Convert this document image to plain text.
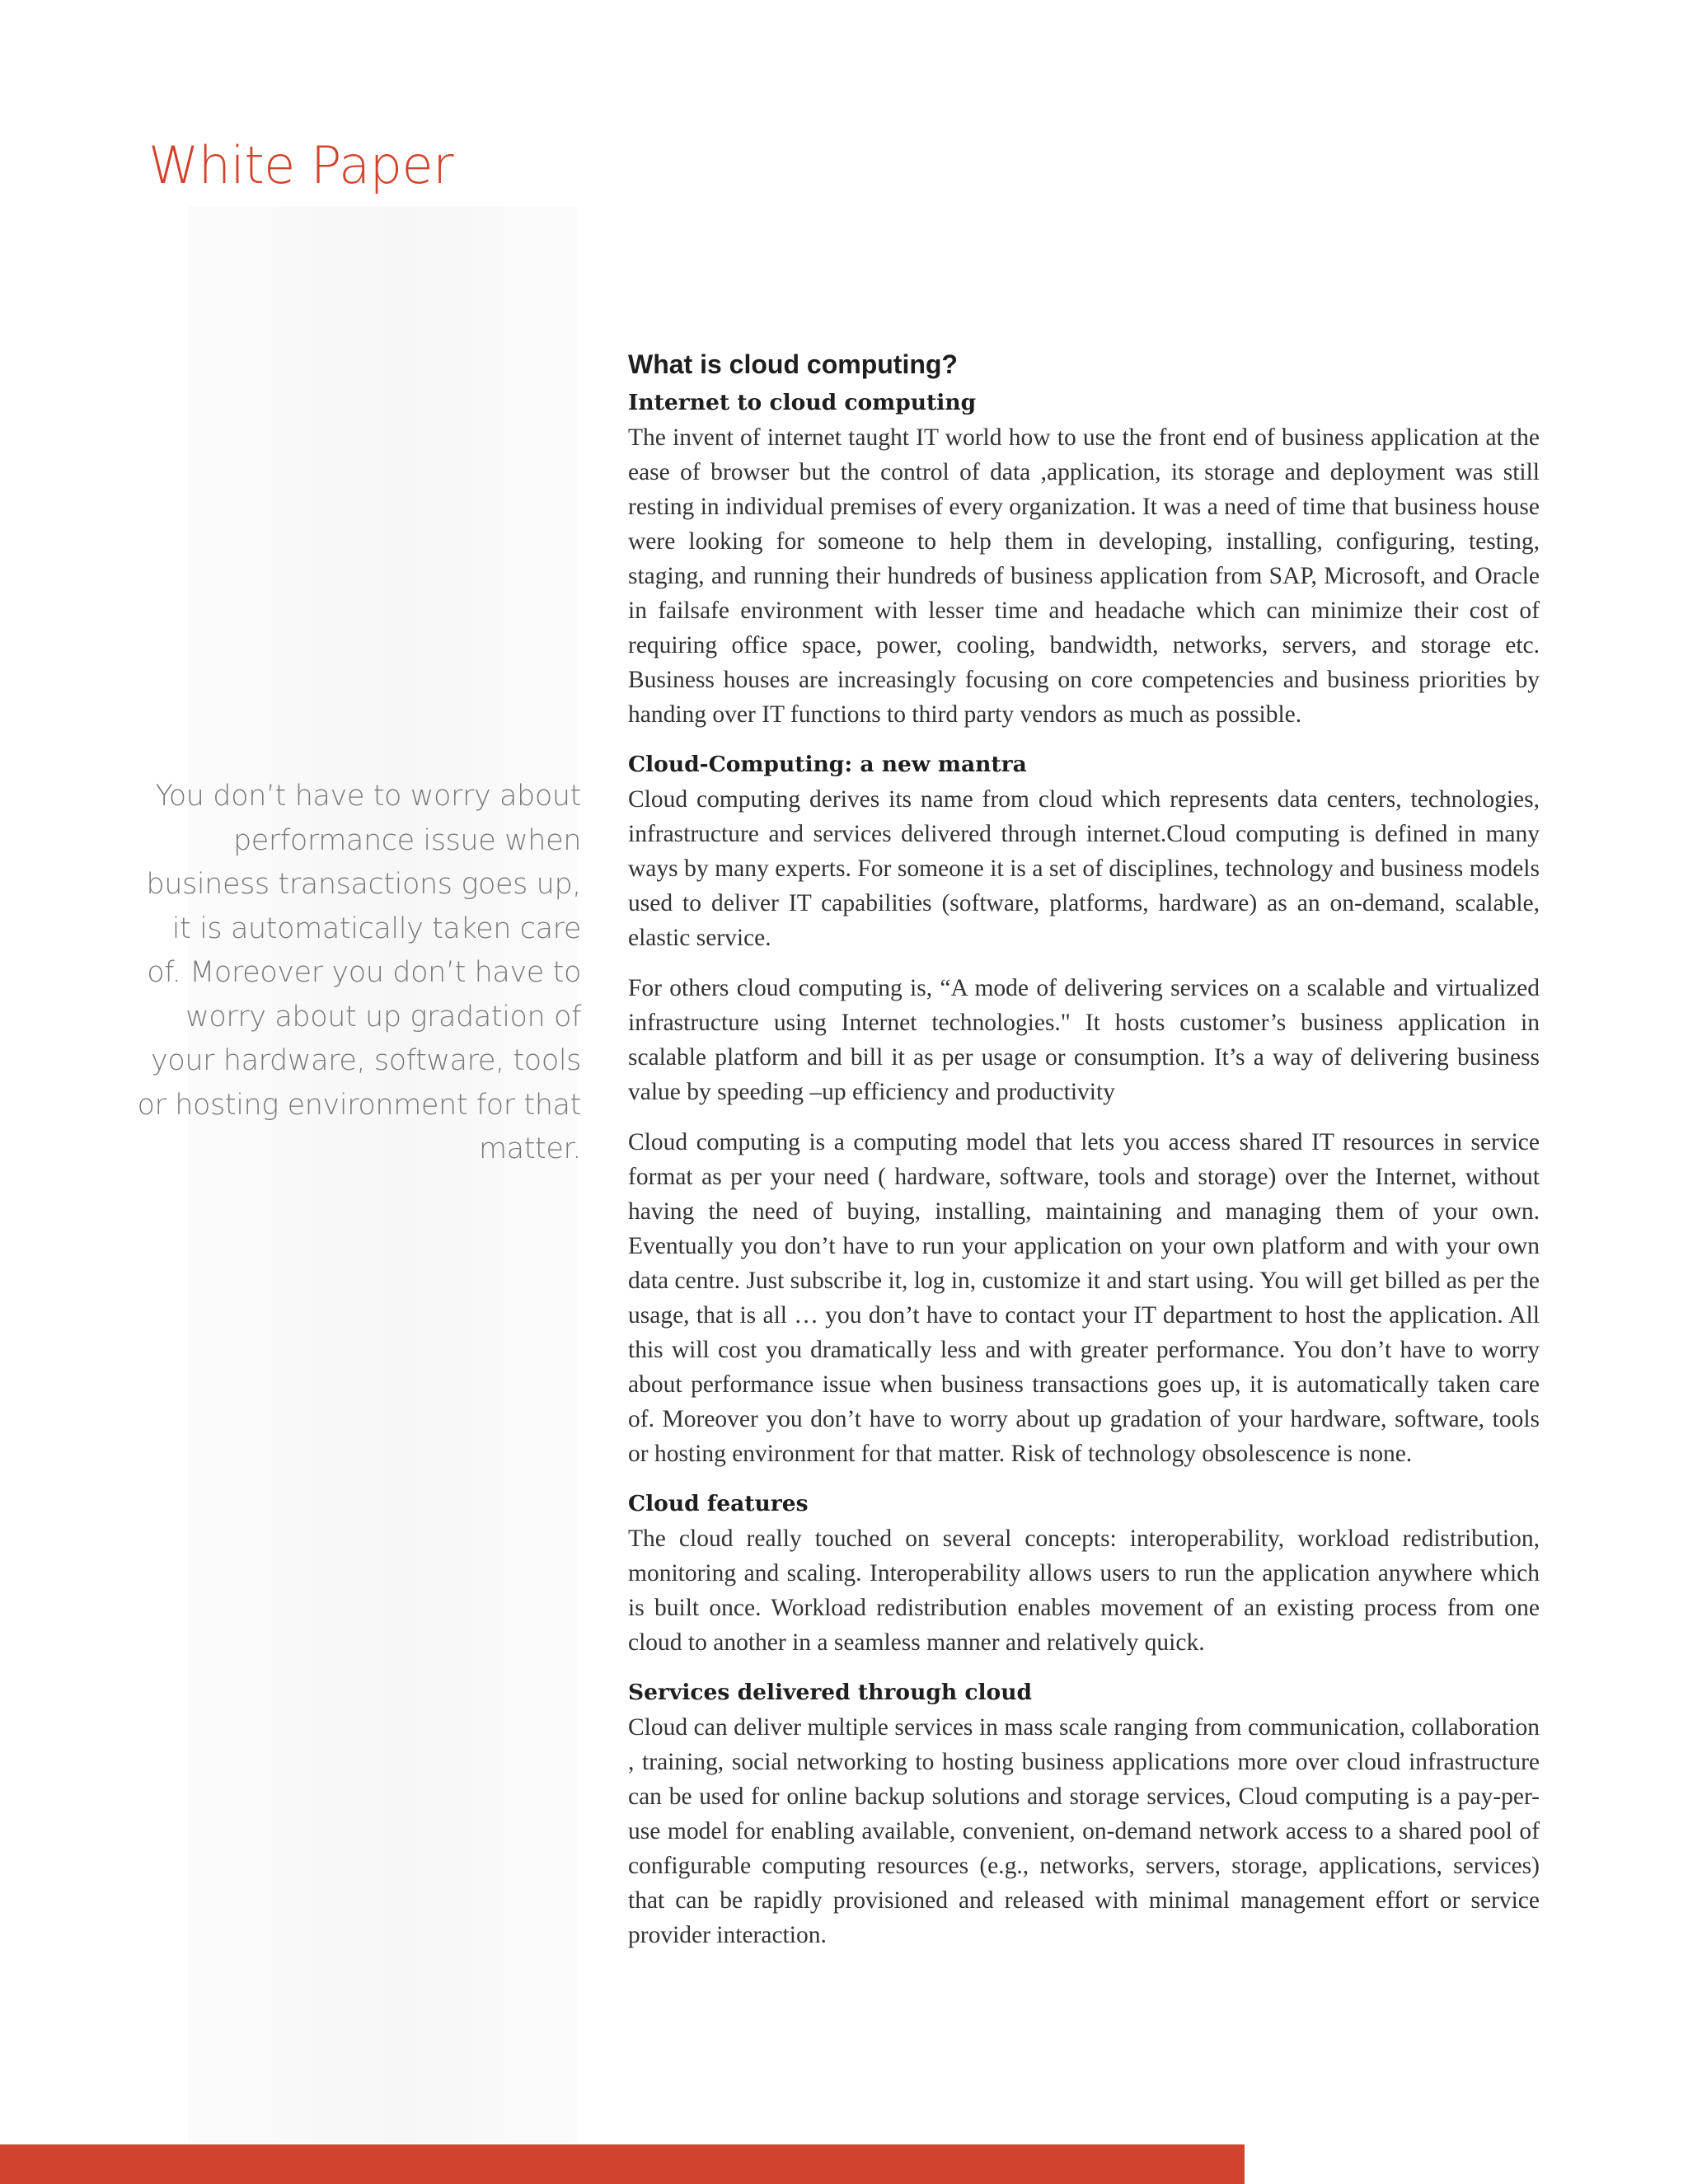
White Paper

You don’t have to worry about performance issue when business transactions goes up, it is automatically taken care of. Moreover you don’t have to worry about up gradation of your hardware, software, tools or hosting environment for that matter.

What is cloud computing?
Internet to cloud computing

The invent of internet taught IT world how to use the front end of business application at the ease of browser but the control of data ,application, its storage and deployment was still resting in individual premises of every organization. It was a need of time that business house were looking for someone to help them in developing, installing, configuring, testing, staging, and running their hundreds of business application from SAP, Microsoft, and Oracle in failsafe environment with lesser time and headache which can minimize their cost of requiring office space, power, cooling, bandwidth, networks, servers, and storage etc. Business houses are increasingly focusing on core competencies and business priorities by handing over IT functions to third party vendors as much as possible.

Cloud-Computing: a new mantra

Cloud computing derives its name from cloud which represents data centers, technologies, infrastructure and services delivered through internet.Cloud computing is defined in many ways by many experts. For someone it is a set of disciplines, technology and business models used to deliver IT capabilities (software, platforms, hardware) as an on-demand, scalable, elastic service.

For others cloud computing is, “A mode of delivering services on a scalable and virtualized infrastructure using Internet technologies." It hosts customer’s business application in scalable platform and bill it as per usage or consumption. It’s a way of delivering business value by speeding –up efficiency and productivity

Cloud computing is a computing model that lets you access shared IT resources in service format as per your need ( hardware, software, tools and storage) over the Internet, without having the need of buying, installing, maintaining and managing them of your own. Eventually you don’t have to run your application on your own platform and with your own data centre. Just subscribe it, log in, customize it and start using. You will get billed as per the usage, that is all … you don’t have to contact your IT department to host the application. All this will cost you dramatically less and with greater performance. You don’t have to worry about performance issue when business transactions goes up, it is automatically taken care of. Moreover you don’t have to worry about up gradation of your hardware, software, tools or hosting environment for that matter. Risk of technology obsolescence is none.

Cloud features

The cloud really touched on several concepts: interoperability, workload redistribution, monitoring and scaling. Interoperability allows users to run the application anywhere which is built once. Workload redistribution enables movement of an existing process from one cloud to another in a seamless manner and relatively quick.

Services delivered through cloud

Cloud can deliver multiple services in mass scale ranging from communication, collaboration , training, social networking to hosting business applications more over cloud infrastructure can be used for online backup solutions and storage services, Cloud computing is a pay-per-use model for enabling available, convenient, on-demand network access to a shared pool of configurable computing resources (e.g., networks, servers, storage, applications, services) that can be rapidly provisioned and released with minimal management effort or service provider interaction.
